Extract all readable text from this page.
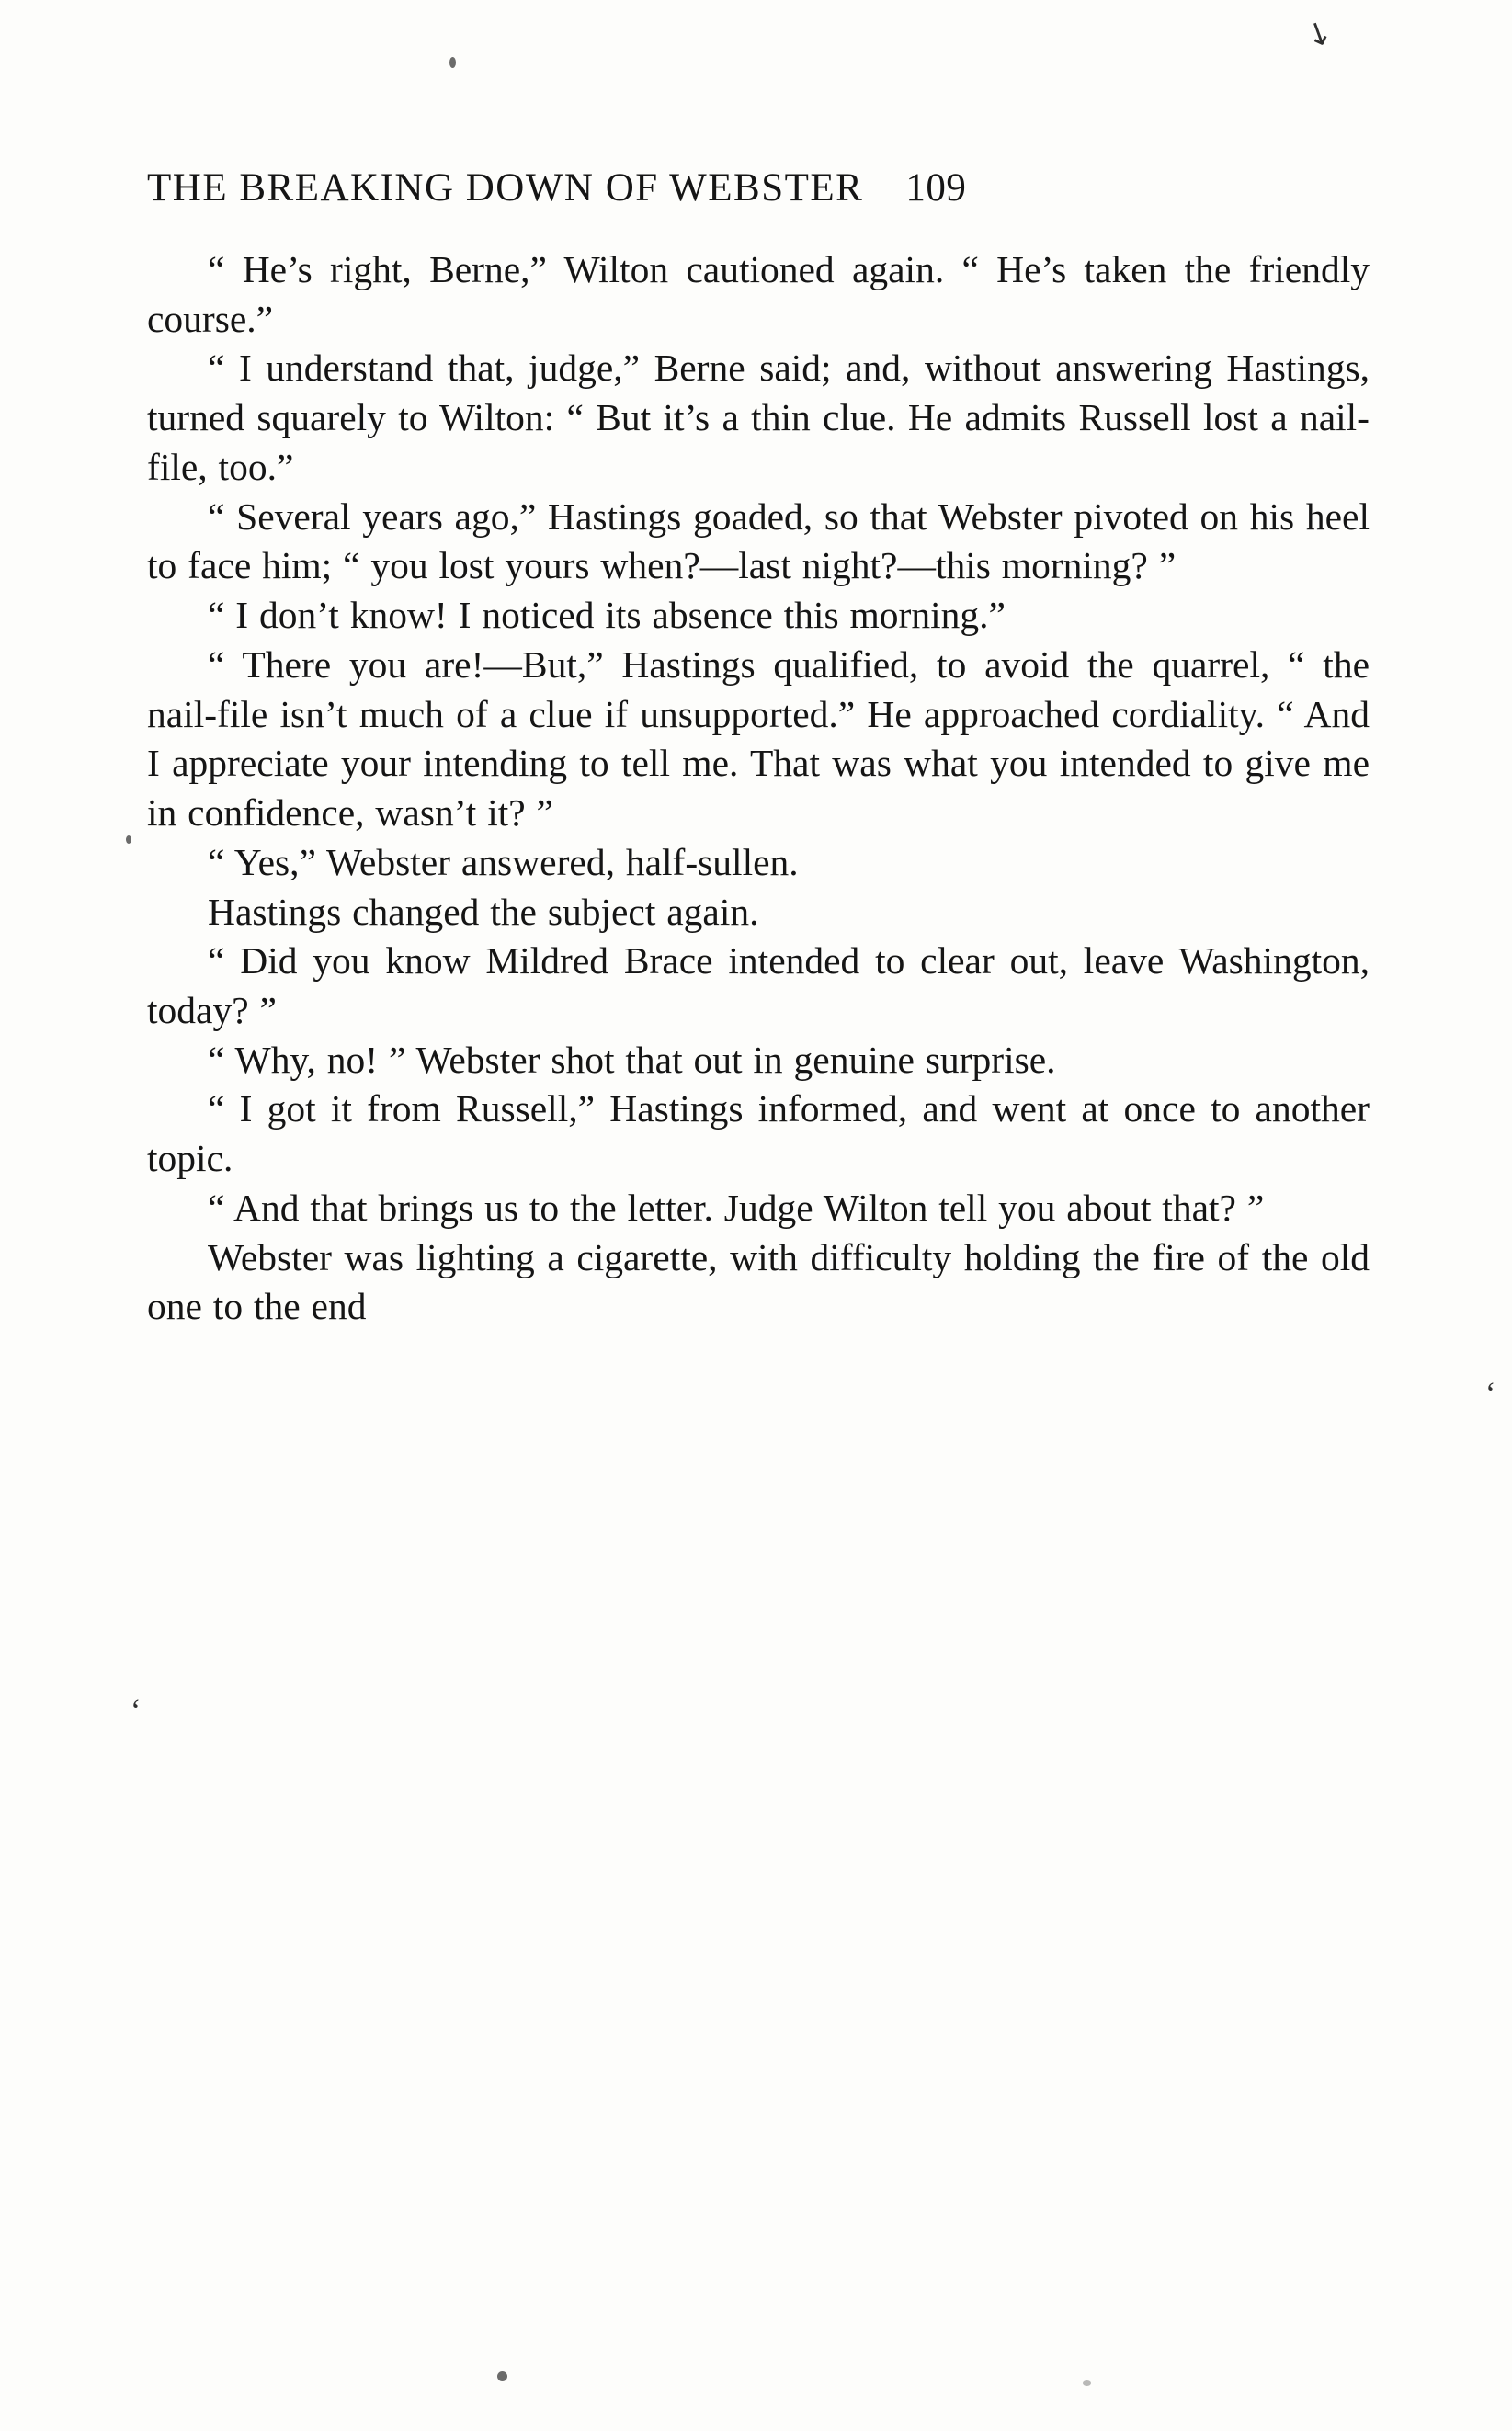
↘
‘
‘
THE BREAKING DOWN OF WEBSTER 109

“ He’s right, Berne,” Wilton cautioned again. “ He’s taken the friendly course.”

“ I understand that, judge,” Berne said; and, without answering Hastings, turned squarely to Wilton: “ But it’s a thin clue. He admits Russell lost a nail-file, too.”

“ Several years ago,” Hastings goaded, so that Webster pivoted on his heel to face him; “ you lost yours when?—last night?—this morning? ”

“ I don’t know! I noticed its absence this morning.”

“ There you are!—But,” Hastings qualified, to avoid the quarrel, “ the nail-file isn’t much of a clue if unsupported.” He approached cordiality. “ And I appreciate your intending to tell me. That was what you intended to give me in confidence, wasn’t it? ”

“ Yes,” Webster answered, half-sullen.

Hastings changed the subject again.

“ Did you know Mildred Brace intended to clear out, leave Washington, today? ”

“ Why, no! ” Webster shot that out in genuine surprise.

“ I got it from Russell,” Hastings informed, and went at once to another topic.

“ And that brings us to the letter. Judge Wilton tell you about that? ”

Webster was lighting a cigarette, with difficulty holding the fire of the old one to the end
